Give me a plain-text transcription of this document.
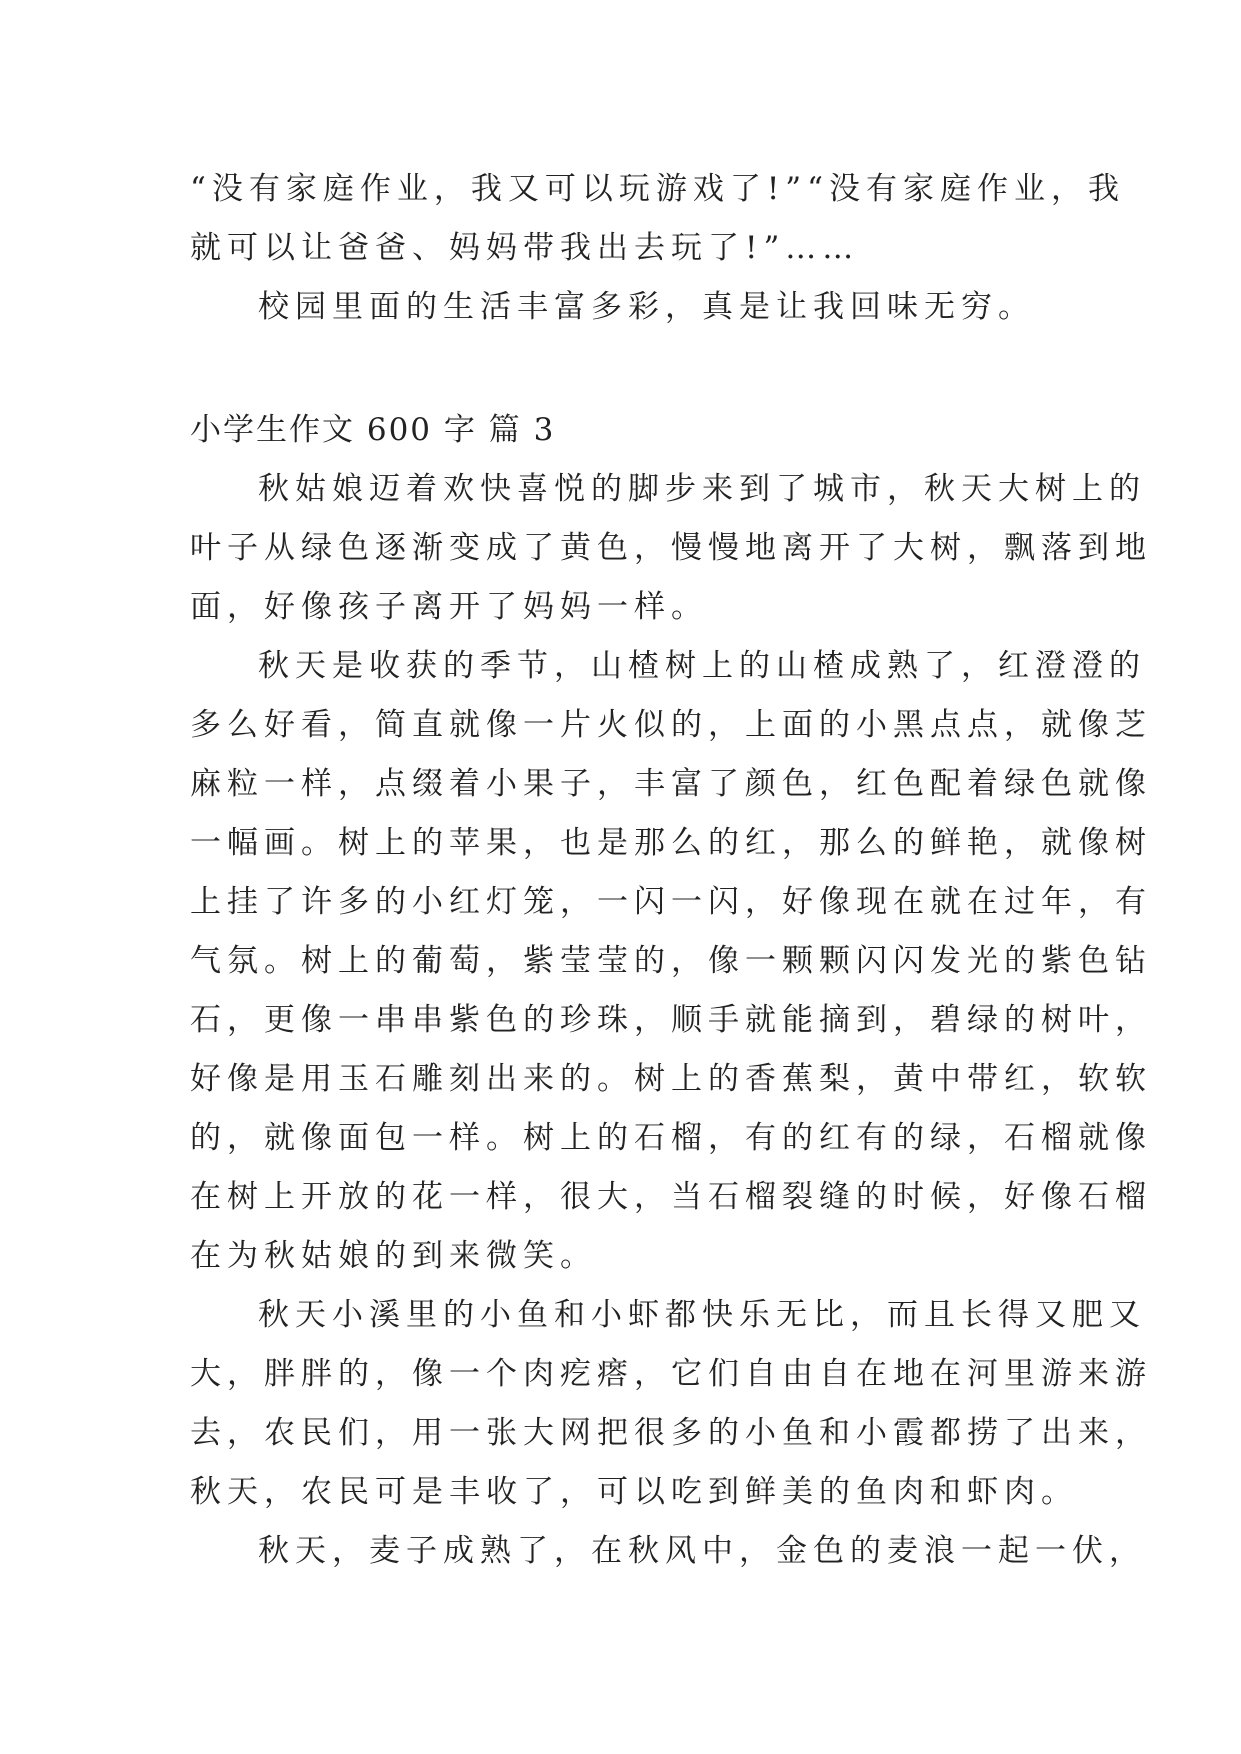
“没有家庭作业，我又可以玩游戏了!”“没有家庭作业，我
就可以让爸爸、妈妈带我出去玩了!”……
校园里面的生活丰富多彩，真是让我回味无穷。
小学生作文 600 字 篇 3
秋姑娘迈着欢快喜悦的脚步来到了城市，秋天大树上的
叶子从绿色逐渐变成了黄色，慢慢地离开了大树，飘落到地
面，好像孩子离开了妈妈一样。
秋天是收获的季节，山楂树上的山楂成熟了，红澄澄的
多么好看，简直就像一片火似的，上面的小黑点点，就像芝
麻粒一样，点缀着小果子，丰富了颜色，红色配着绿色就像
一幅画。树上的苹果，也是那么的红，那么的鲜艳，就像树
上挂了许多的小红灯笼，一闪一闪，好像现在就在过年，有
气氛。树上的葡萄，紫莹莹的，像一颗颗闪闪发光的紫色钻
石，更像一串串紫色的珍珠，顺手就能摘到，碧绿的树叶，
好像是用玉石雕刻出来的。树上的香蕉梨，黄中带红，软软
的，就像面包一样。树上的石榴，有的红有的绿，石榴就像
在树上开放的花一样，很大，当石榴裂缝的时候，好像石榴
在为秋姑娘的到来微笑。
秋天小溪里的小鱼和小虾都快乐无比，而且长得又肥又
大，胖胖的，像一个肉疙瘩，它们自由自在地在河里游来游
去，农民们，用一张大网把很多的小鱼和小霞都捞了出来，
秋天，农民可是丰收了，可以吃到鲜美的鱼肉和虾肉。
秋天，麦子成熟了，在秋风中，金色的麦浪一起一伏，
